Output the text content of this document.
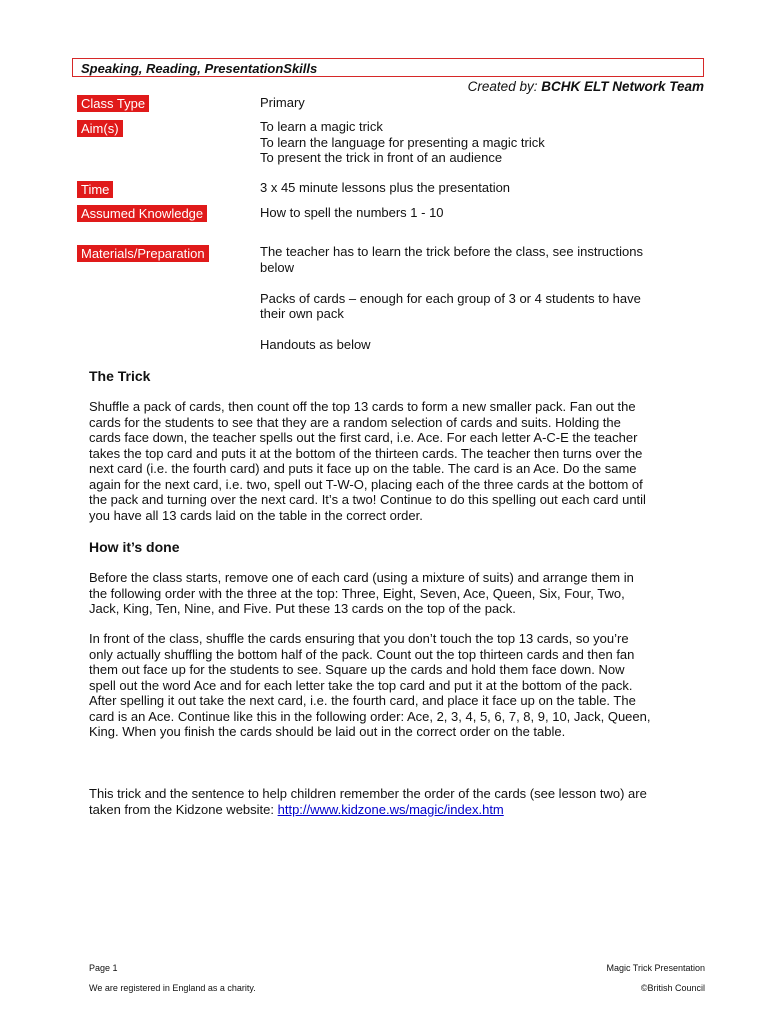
Speaking, Reading, PresentationSkills
Created by: BCHK ELT Network Team
Class Type	Primary
Aim(s)	To learn a magic trick
To learn the language for presenting a magic trick
To present the trick in front of an audience
Time	3 x 45 minute lessons plus the presentation
Assumed Knowledge	How to spell the numbers 1 - 10
Materials/Preparation	The teacher has to learn the trick before the class, see instructions
below
Packs of cards – enough for each group of 3 or 4 students to have
their own pack
Handouts as below
The Trick
Shuffle a pack of cards, then count off the top 13 cards to form a new smaller pack. Fan out the
cards for the students to see that they are a random selection of cards and suits. Holding the
cards face down, the teacher spells out the first card, i.e. Ace. For each letter A-C-E the teacher
takes the top card and puts it at the bottom of the thirteen cards. The teacher then turns over the
next card (i.e. the fourth card) and puts it face up on the table. The card is an Ace. Do the same
again for the next card, i.e. two, spell out T-W-O, placing each of the three cards at the bottom of
the pack and turning over the next card. It’s a two! Continue to do this spelling out each card until
you have all 13 cards laid on the table in the correct order.
How it’s done
Before the class starts, remove one of each card (using a mixture of suits) and arrange them in
the following order with the three at the top: Three, Eight, Seven, Ace, Queen, Six, Four, Two,
Jack, King, Ten, Nine, and Five. Put these 13 cards on the top of the pack.
In front of the class, shuffle the cards ensuring that you don’t touch the top 13 cards, so you’re
only actually shuffling the bottom half of the pack. Count out the top thirteen cards and then fan
them out face up for the students to see. Square up the cards and hold them face down. Now
spell out the word Ace and for each letter take the top card and put it at the bottom of the pack.
After spelling it out take the next card, i.e. the fourth card, and place it face up on the table. The
card is an Ace. Continue like this in the following order: Ace, 2, 3, 4, 5, 6, 7, 8, 9, 10, Jack, Queen,
King. When you finish the cards should be laid out in the correct order on the table.
This trick and the sentence to help children remember the order of the cards (see lesson two) are
taken from the Kidzone website: http://www.kidzone.ws/magic/index.htm
Page 1	Magic Trick Presentation
We are registered in England as a charity.	©British Council
